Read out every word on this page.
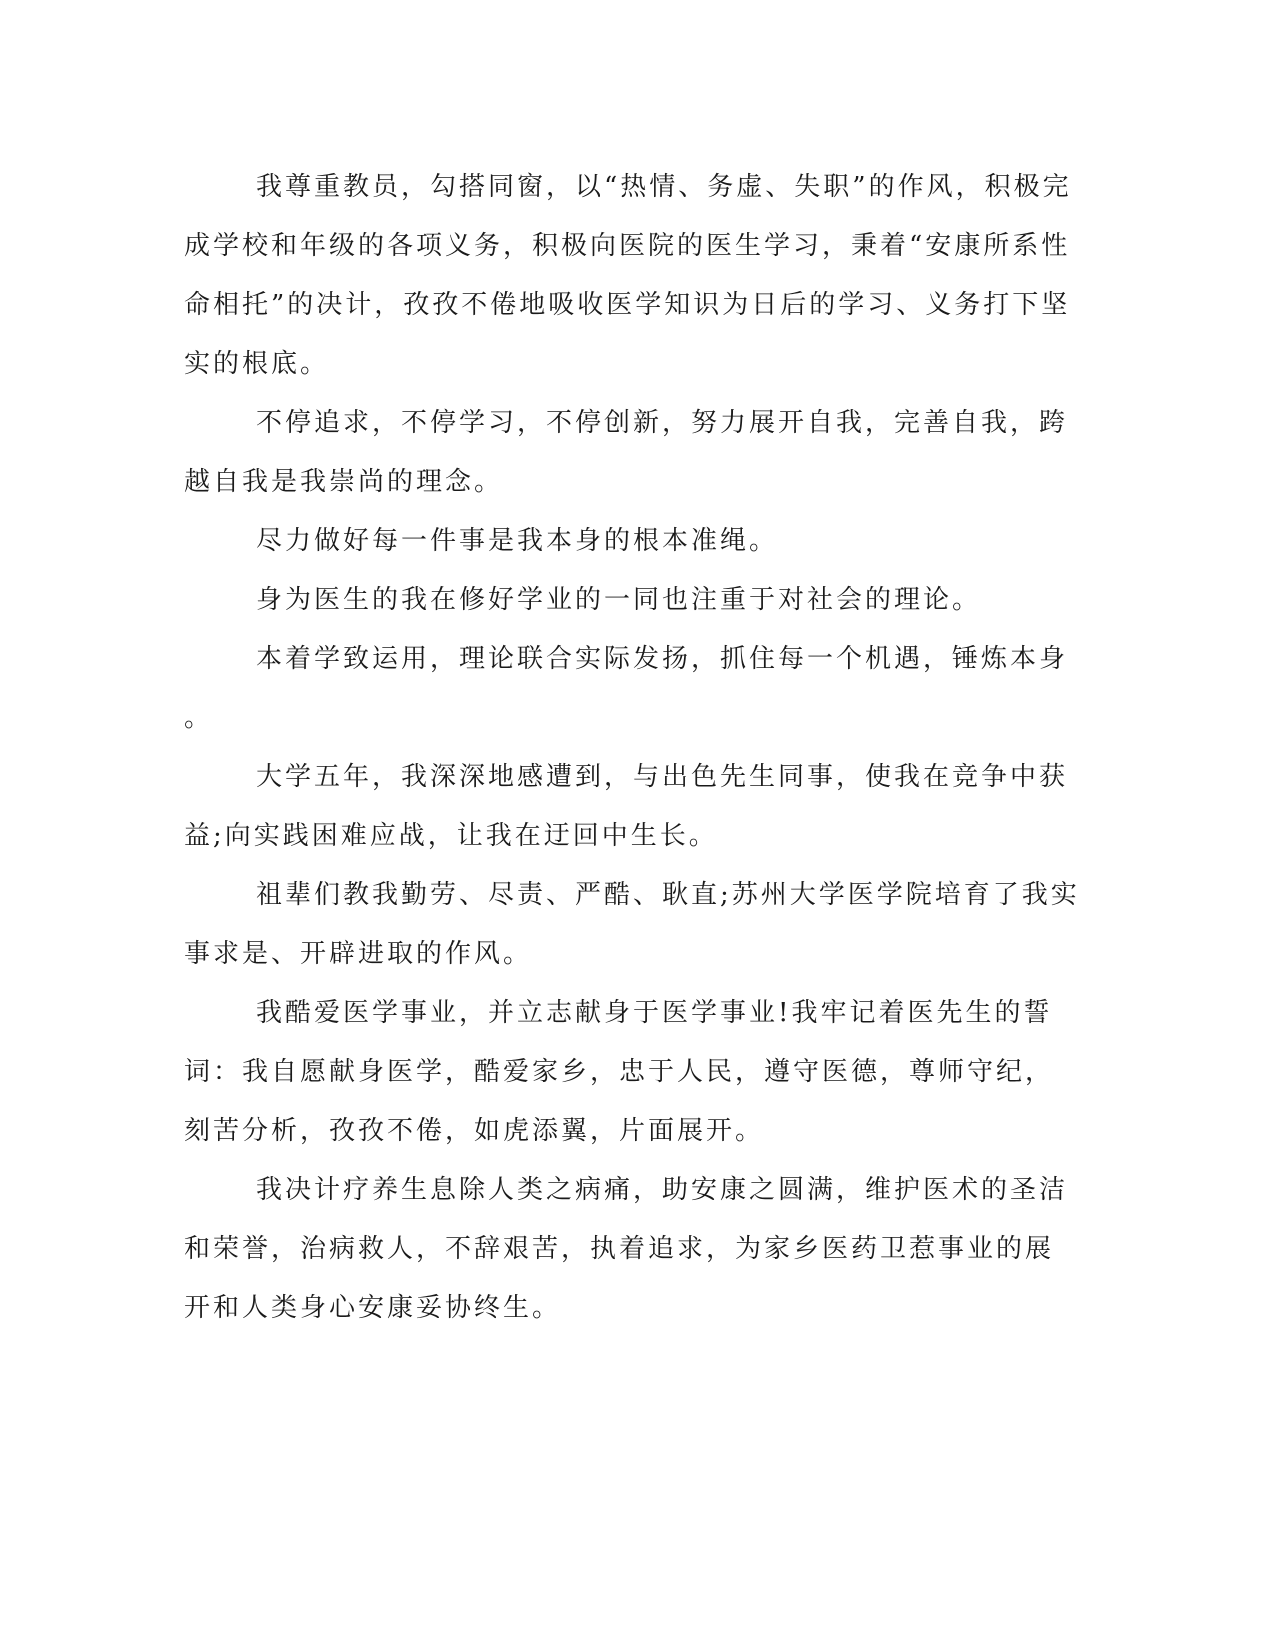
我尊重教员，勾搭同窗，以“热情、务虚、失职”的作风，积极完
成学校和年级的各项义务，积极向医院的医生学习，秉着“安康所系性
命相托”的决计，孜孜不倦地吸收医学知识为日后的学习、义务打下坚
实的根底。

不停追求，不停学习，不停创新，努力展开自我，完善自我，跨
越自我是我崇尚的理念。

尽力做好每一件事是我本身的根本准绳。

身为医生的我在修好学业的一同也注重于对社会的理论。

本着学致运用，理论联合实际发扬，抓住每一个机遇，锤炼本身
。

大学五年，我深深地感遭到，与出色先生同事，使我在竞争中获
益;向实践困难应战，让我在迂回中生长。

祖辈们教我勤劳、尽责、严酷、耿直;苏州大学医学院培育了我实
事求是、开辟进取的作风。

我酷爱医学事业，并立志献身于医学事业!我牢记着医先生的誓
词：我自愿献身医学，酷爱家乡，忠于人民，遵守医德，尊师守纪，
刻苦分析，孜孜不倦，如虎添翼，片面展开。

我决计疗养生息除人类之病痛，助安康之圆满，维护医术的圣洁
和荣誉，治病救人，不辞艰苦，执着追求，为家乡医药卫惹事业的展
开和人类身心安康妥协终生。
